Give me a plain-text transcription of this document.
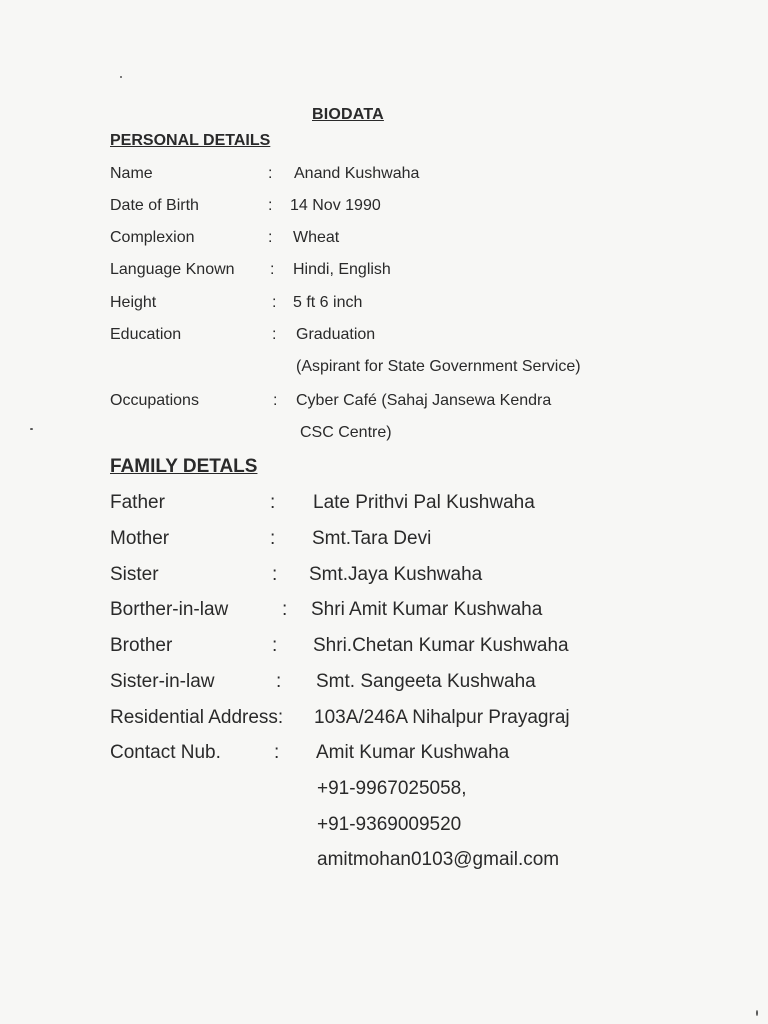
BIODATA
PERSONAL DETAILS
Name	: Anand Kushwaha
Date of Birth	: 14 Nov 1990
Complexion	: Wheat
Language Known : Hindi, English
Height	: 5 ft 6 inch
Education	: Graduation
(Aspirant for State Government Service)
Occupations	: Cyber Café (Sahaj Jansewa Kendra
CSC Centre)
FAMILY DETALS
Father	: Late Prithvi Pal Kushwaha
Mother	: Smt.Tara Devi
Sister	: Smt.Jaya Kushwaha
Borther-in-law	: Shri Amit Kumar Kushwaha
Brother	: Shri.Chetan Kumar Kushwaha
Sister-in-law	: Smt. Sangeeta Kushwaha
Residential Address: 103A/246A Nihalpur Prayagraj
Contact Nub.	: Amit Kumar Kushwaha
+91-9967025058,
+91-9369009520
amitmohan0103@gmail.com
